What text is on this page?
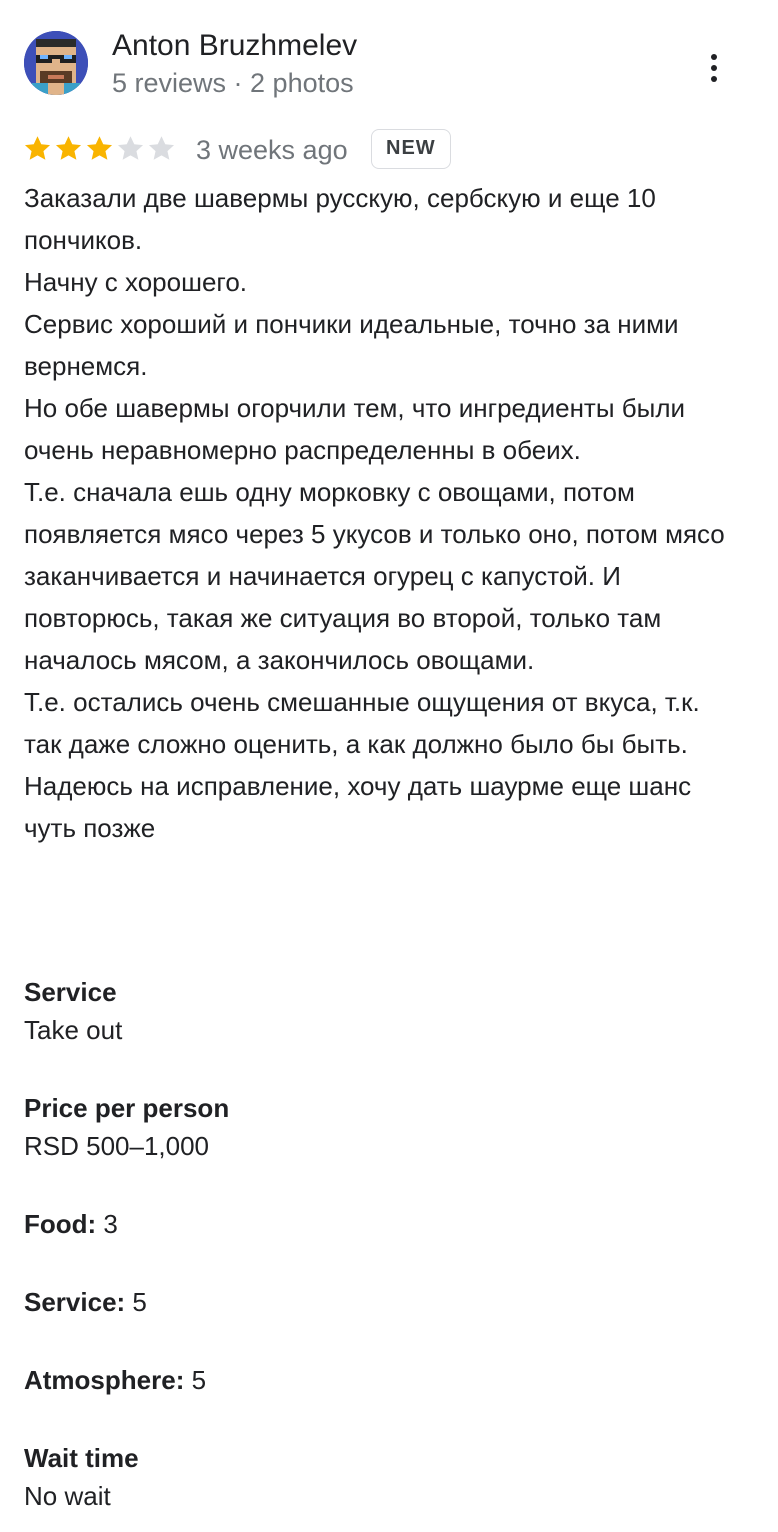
Anton Bruzhmelev
5 reviews · 2 photos
3 weeks ago	NEW

Заказали две шавермы русскую, сербскую и еще 10 пончиков.

Начну с хорошего.

Сервис хороший и пончики идеальные, точно за ними вернемся.

Но обе шавермы огорчили тем, что ингредиенты были очень неравномерно распределенны в обеих.

Т.е. сначала ешь одну морковку с овощами, потом появляется мясо через 5 укусов и только оно, потом мясо заканчивается и начинается огурец с капустой. И повторюсь, такая же ситуация во второй, только там началось мясом, а закончилось овощами.

Т.е. остались очень смешанные ощущения от вкуса, т.к. так даже сложно оценить, а как должно было бы быть.

Надеюсь на исправление, хочу дать шаурме еще шанс чуть позже

Service
Take out
Price per person
RSD 500–1,000
Food: 3
Service: 5
Atmosphere: 5
Wait time
No wait
